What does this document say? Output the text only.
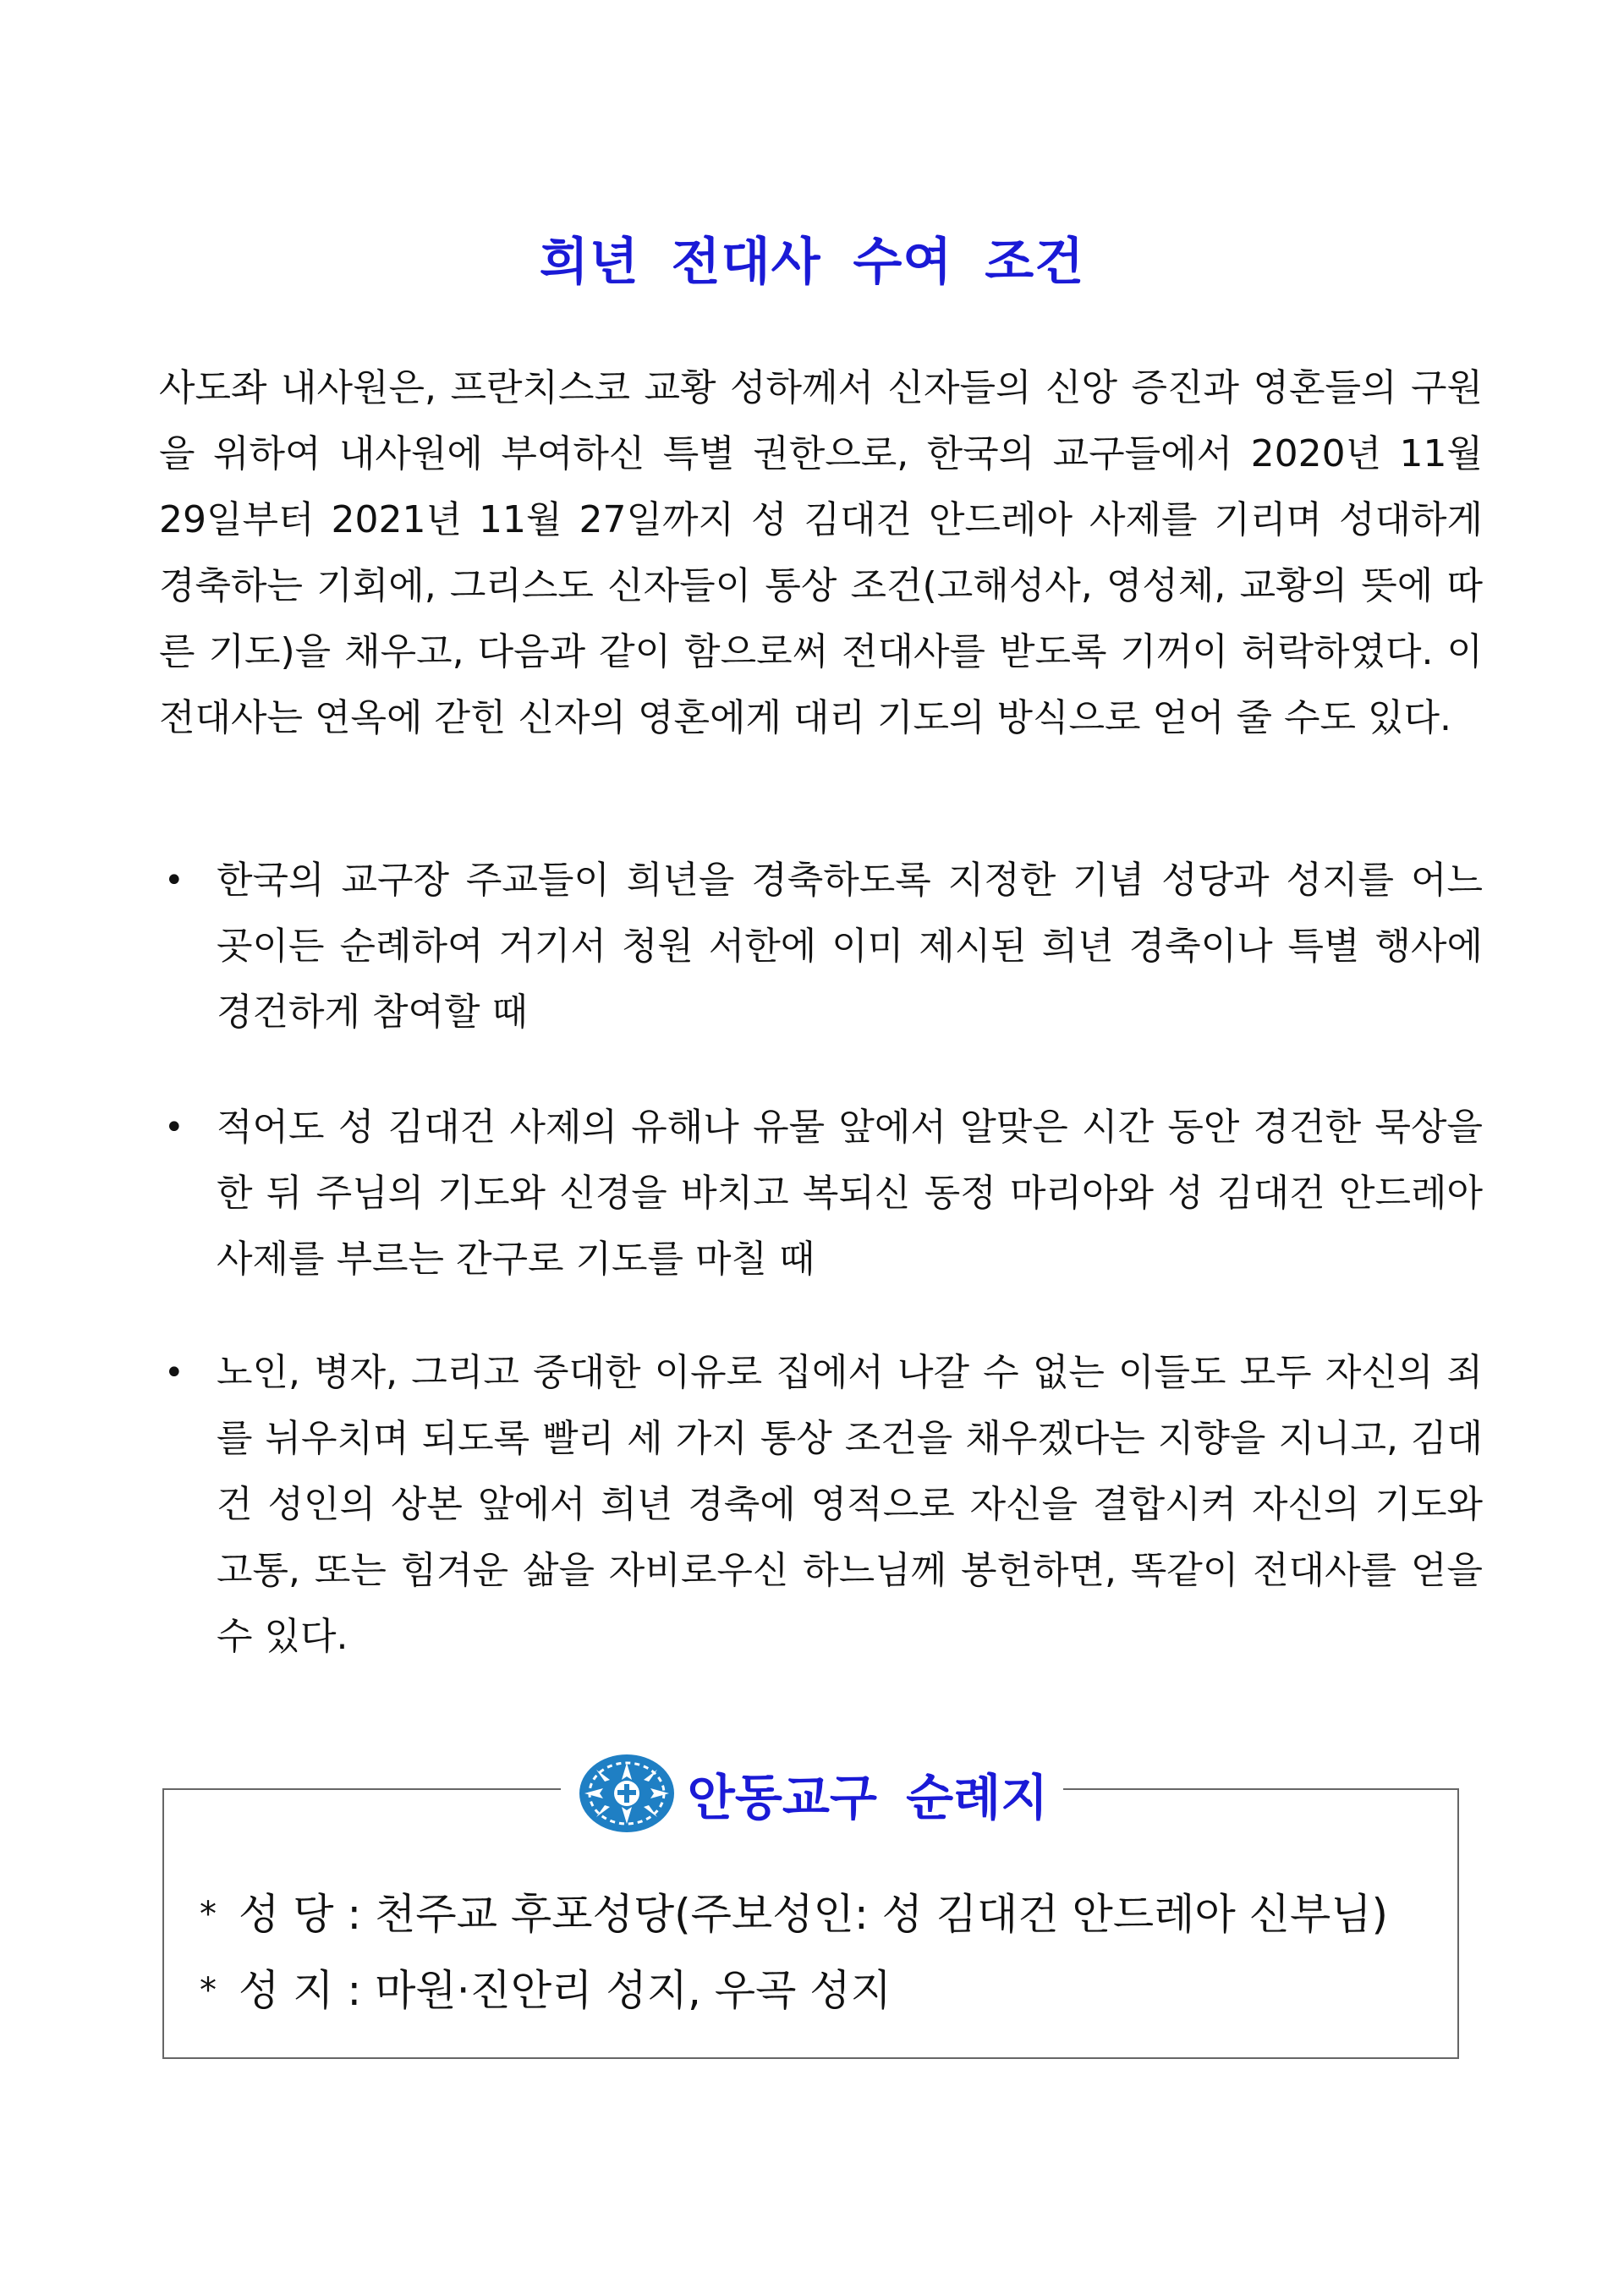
희년 전대사 수여 조건

사도좌 내사원은, 프란치스코 교황 성하께서 신자들의 신앙 증진과 영혼들의 구원을 위하여 내사원에 부여하신 특별 권한으로, 한국의 교구들에서 2020년 11월 29일부터 2021년 11월 27일까지 성 김대건 안드레아 사제를 기리며 성대하게 경축하는 기회에, 그리스도 신자들이 통상 조건(고해성사, 영성체, 교황의 뜻에 따른 기도)을 채우고, 다음과 같이 함으로써 전대사를 받도록 기꺼이 허락하였다. 이 전대사는 연옥에 갇힌 신자의 영혼에게 대리 기도의 방식으로 얻어 줄 수도 있다.

• 한국의 교구장 주교들이 희년을 경축하도록 지정한 기념 성당과 성지를 어느 곳이든 순례하여 거기서 청원 서한에 이미 제시된 희년 경축이나 특별 행사에 경건하게 참여할 때
• 적어도 성 김대건 사제의 유해나 유물 앞에서 알맞은 시간 동안 경건한 묵상을 한 뒤 주님의 기도와 신경을 바치고 복되신 동정 마리아와 성 김대건 안드레아 사제를 부르는 간구로 기도를 마칠 때
• 노인, 병자, 그리고 중대한 이유로 집에서 나갈 수 없는 이들도 모두 자신의 죄를 뉘우치며 되도록 빨리 세 가지 통상 조건을 채우겠다는 지향을 지니고, 김대건 성인의 상본 앞에서 희년 경축에 영적으로 자신을 결합시켜 자신의 기도와 고통, 또는 힘겨운 삶을 자비로우신 하느님께 봉헌하면, 똑같이 전대사를 얻을 수 있다.
안동교구 순례지
* 성 당 : 천주교 후포성당(주보성인: 성 김대건 안드레아 신부님)
* 성 지 : 마원·진안리 성지, 우곡 성지
